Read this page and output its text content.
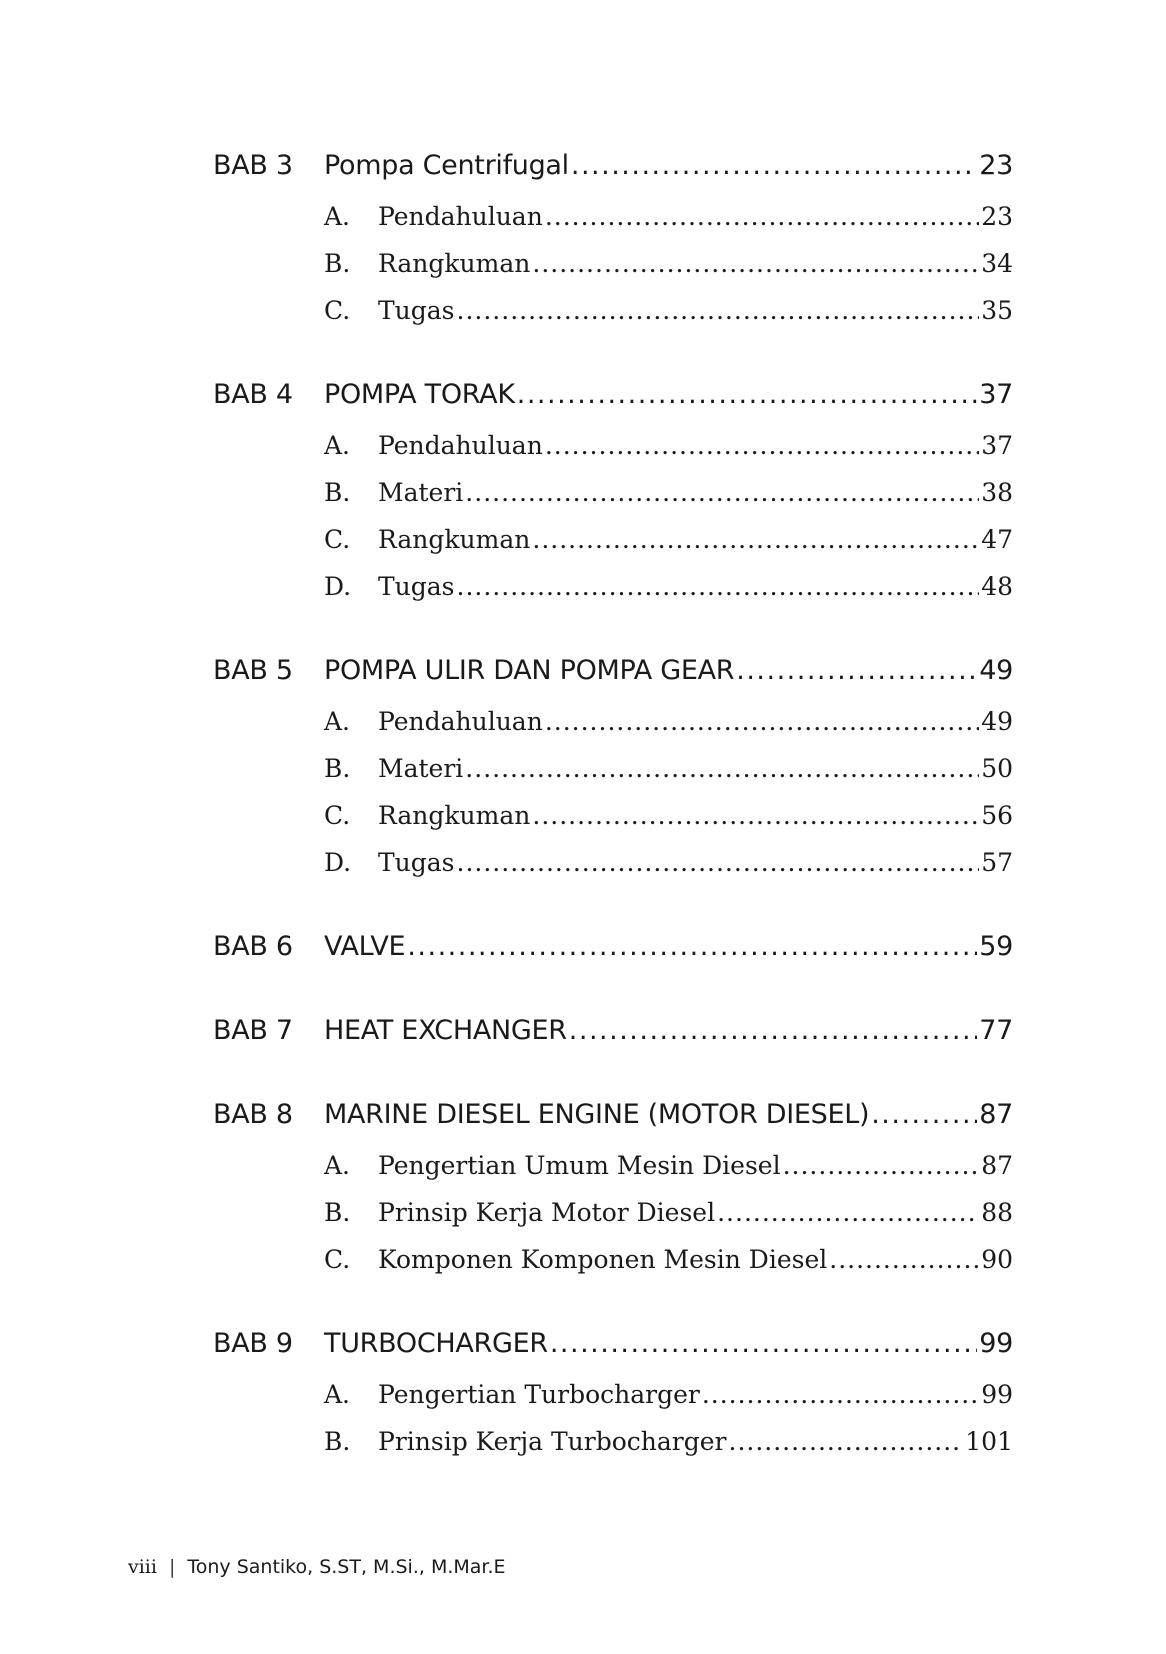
BAB 3	Pompa Centrifugal .....	23
A.	Pendahuluan .....	23
B.	Rangkuman .....	34
C.	Tugas .....	35
BAB 4	POMPA TORAK .....	37
A.	Pendahuluan .....	37
B.	Materi .....	38
C.	Rangkuman .....	47
D.	Tugas .....	48
BAB 5	POMPA ULIR DAN POMPA GEAR .....	49
A.	Pendahuluan .....	49
B.	Materi .....	50
C.	Rangkuman .....	56
D.	Tugas .....	57
BAB 6	VALVE .....	59
BAB 7	HEAT EXCHANGER .....	77
BAB 8	MARINE DIESEL ENGINE (MOTOR DIESEL) .....	87
A.	Pengertian Umum Mesin Diesel .....	87
B.	Prinsip Kerja Motor Diesel .....	88
C.	Komponen Komponen Mesin Diesel .....	90
BAB 9	TURBOCHARGER .....	99
A.	Pengertian Turbocharger .....	99
B.	Prinsip Kerja Turbocharger .....	101
viii | Tony Santiko, S.ST, M.Si., M.Mar.E
